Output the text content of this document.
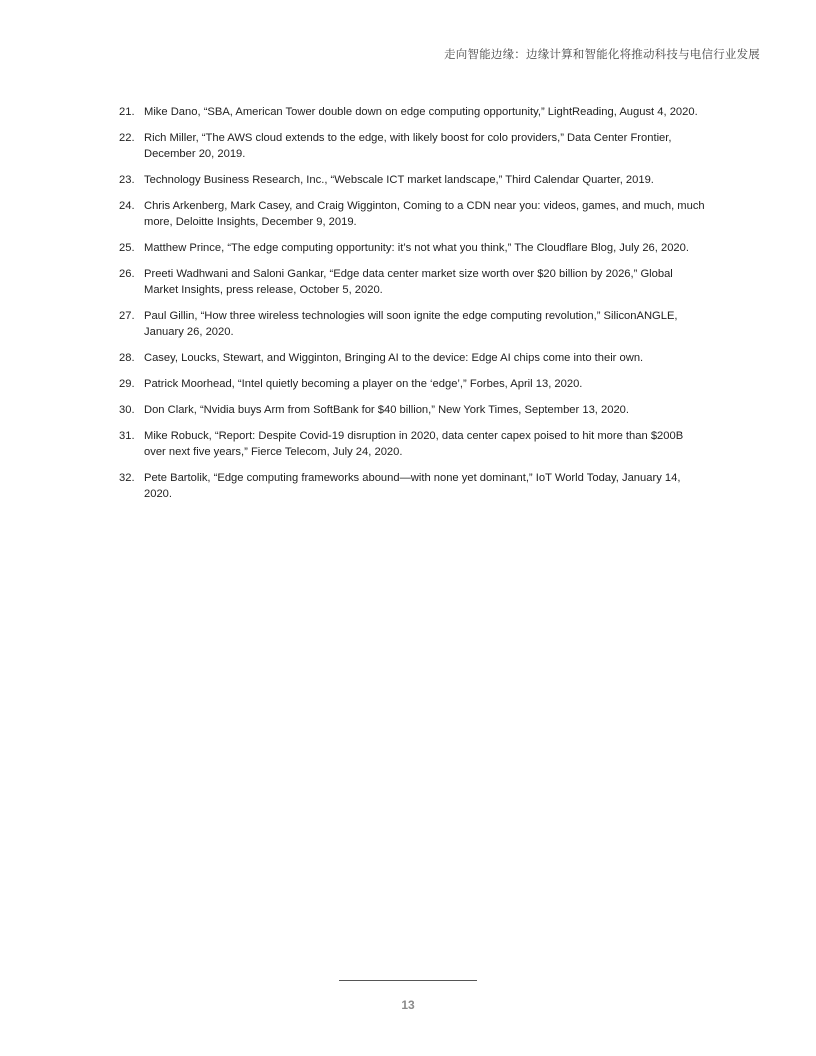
走向智能边缘：边缘计算和智能化将推动科技与电信行业发展
21. Mike Dano, “SBA, American Tower double down on edge computing opportunity,” LightReading, August 4, 2020.
22. Rich Miller, “The AWS cloud extends to the edge, with likely boost for colo providers,” Data Center Frontier, December 20, 2019.
23. Technology Business Research, Inc., “Webscale ICT market landscape,” Third Calendar Quarter, 2019.
24. Chris Arkenberg, Mark Casey, and Craig Wigginton, Coming to a CDN near you: videos, games, and much, much more, Deloitte Insights, December 9, 2019.
25. Matthew Prince, “The edge computing opportunity: it’s not what you think,” The Cloudflare Blog, July 26, 2020.
26. Preeti Wadhwani and Saloni Gankar, “Edge data center market size worth over $20 billion by 2026,” Global Market Insights, press release, October 5, 2020.
27. Paul Gillin, “How three wireless technologies will soon ignite the edge computing revolution,” SiliconANGLE, January 26, 2020.
28. Casey, Loucks, Stewart, and Wigginton, Bringing AI to the device: Edge AI chips come into their own.
29. Patrick Moorhead, “Intel quietly becoming a player on the ‘edge’,” Forbes, April 13, 2020.
30. Don Clark, “Nvidia buys Arm from SoftBank for $40 billion,” New York Times, September 13, 2020.
31. Mike Robuck, “Report: Despite Covid-19 disruption in 2020, data center capex poised to hit more than $200B over next five years,” Fierce Telecom, July 24, 2020.
32. Pete Bartolik, “Edge computing frameworks abound—with none yet dominant,” IoT World Today, January 14, 2020.
13
